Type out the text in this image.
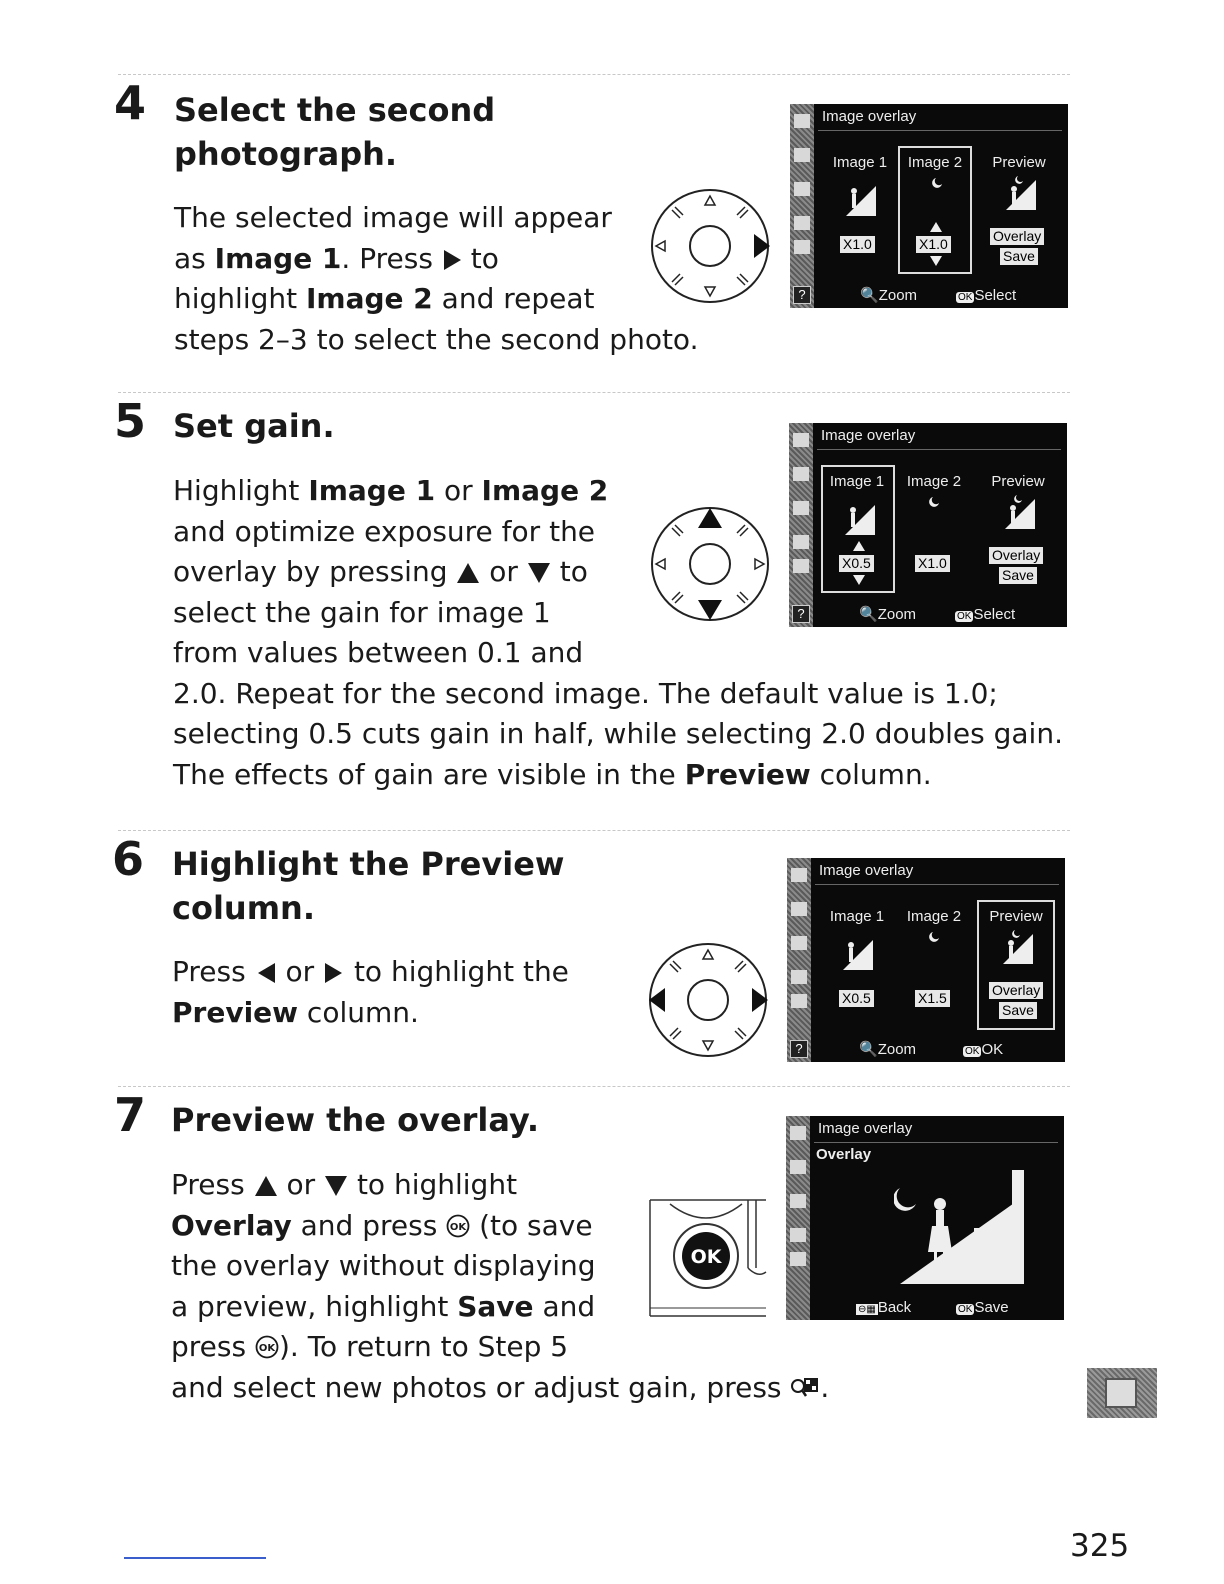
4 Select the second
photograph.
The selected image will appear
as Image 1. Press  to
highlight Image 2 and repeat
steps 2–3 to select the second photo.
?
Image overlay
Image 1	Image 2	Preview
X1.0	X1.0	Overlay
Save
🔍Zoom	OK Select
5 Set gain.
Highlight Image 1 or Image 2
and optimize exposure for the
overlay by pressing  or  to
select the gain for image 1
from values between 0.1 and
2.0. Repeat for the second image. The default value is 1.0;
selecting 0.5 cuts gain in half, while selecting 2.0 doubles gain.
The effects of gain are visible in the Preview column.
?
Image overlay
Image 1	Image 2	Preview
X0.5	X1.0	Overlay
Save
🔍Zoom	OK Select
6 Highlight the Preview
column.
Press  or  to highlight the
Preview column.
?
Image overlay
Image 1	Image 2	Preview
X0.5	X1.5	Overlay
Save
🔍Zoom	OK OK
7 Preview the overlay.
Press  or  to highlight
Overlay and press OK (to save
the overlay without displaying
a preview, highlight Save and
press OK ). To return to Step 5
and select new photos or adjust gain, press .
OK
Image overlay
Overlay
⊖▦ Back	OK Save
325
